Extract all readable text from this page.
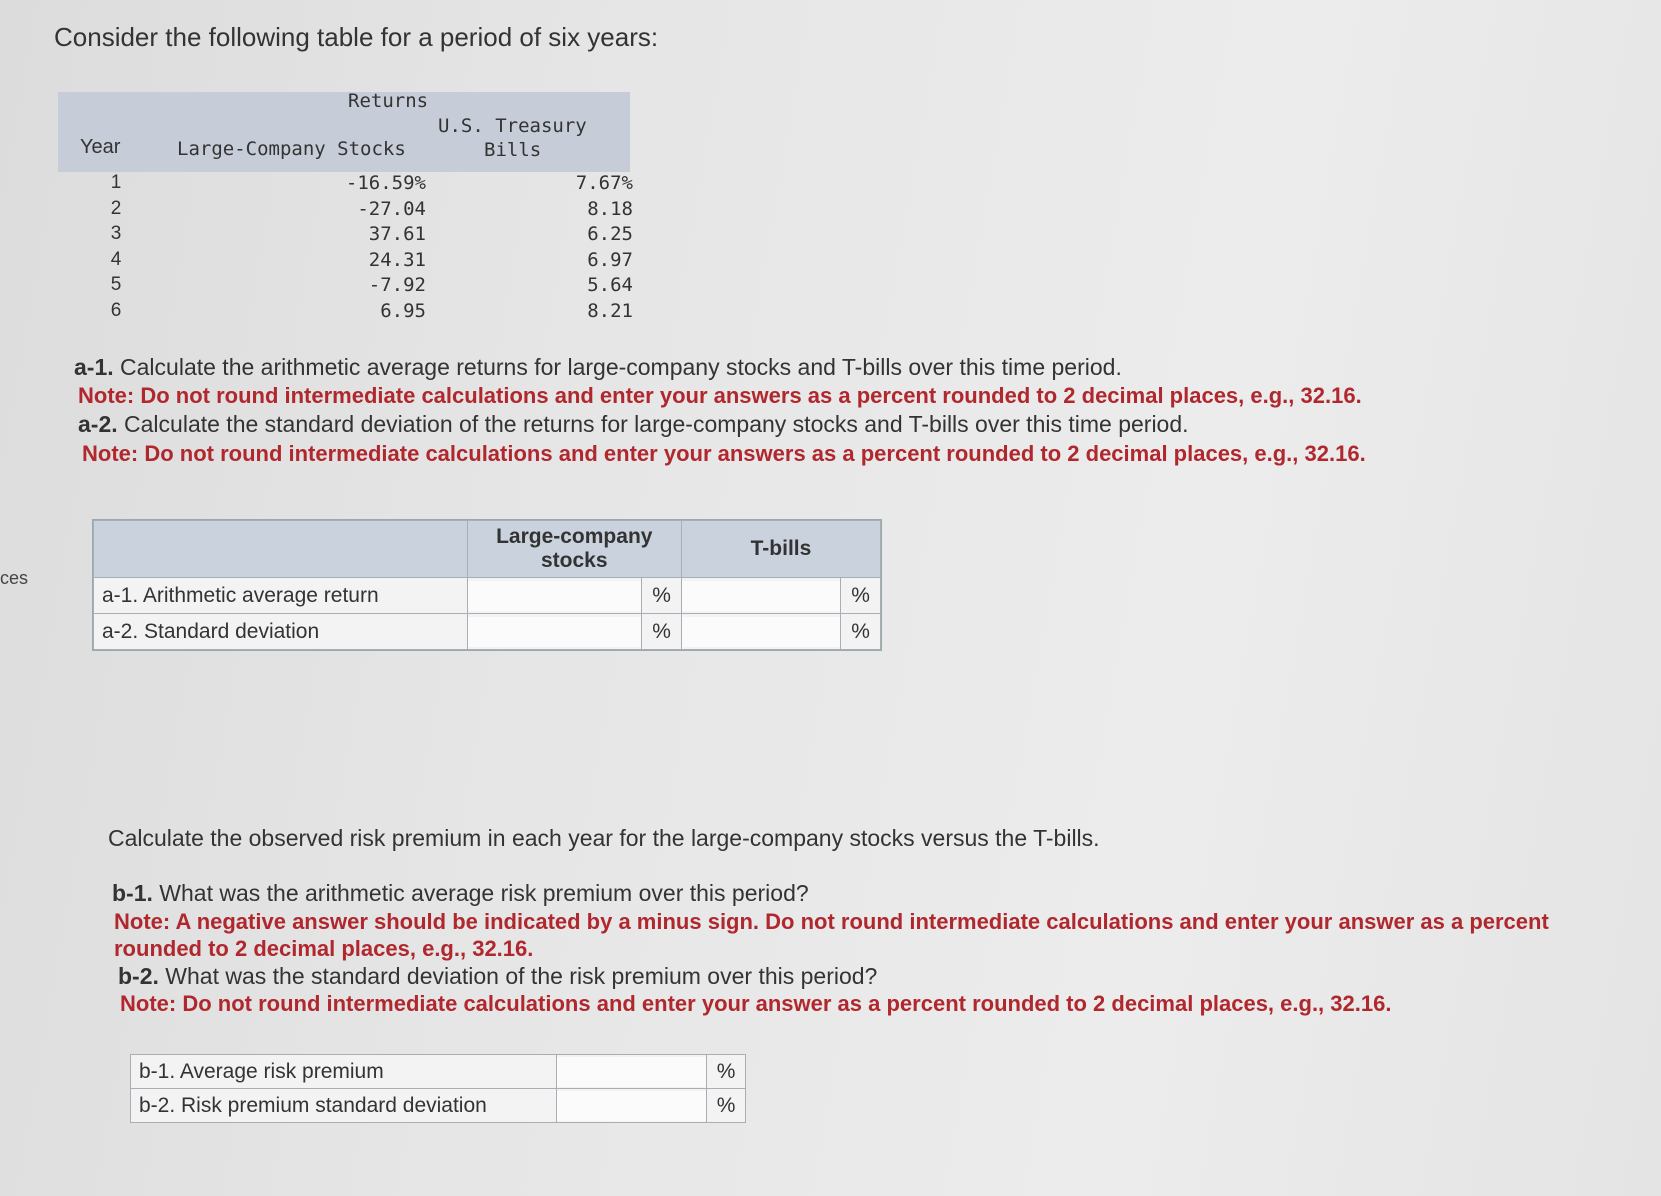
Consider the following table for a period of six years:
ces
Returns
Year	Large-Company Stocks
U.S. Treasury
Bills
1	-16.59%	7.67%
2	-27.04	8.18
3	37.61	6.25
4	24.31	6.97
5	-7.92	5.64
6	6.95	8.21
a-1. Calculate the arithmetic average returns for large-company stocks and T-bills over this time period.
Note: Do not round intermediate calculations and enter your answers as a percent rounded to 2 decimal places, e.g., 32.16.
a-2. Calculate the standard deviation of the returns for large-company stocks and T-bills over this time period.
Note: Do not round intermediate calculations and enter your answers as a percent rounded to 2 decimal places, e.g., 32.16.

	Large-company
stocks		T-bills	
a-1. Arithmetic average return		%		%
a-2. Standard deviation		%		%
Calculate the observed risk premium in each year for the large-company stocks versus the T-bills.
b-1. What was the arithmetic average risk premium over this period?
Note: A negative answer should be indicated by a minus sign. Do not round intermediate calculations and enter your answer as a percent rounded to 2 decimal places, e.g., 32.16.
b-2. What was the standard deviation of the risk premium over this period?
Note: Do not round intermediate calculations and enter your answer as a percent rounded to 2 decimal places, e.g., 32.16.
b-1. Average risk premium		%
b-2. Risk premium standard deviation		%
